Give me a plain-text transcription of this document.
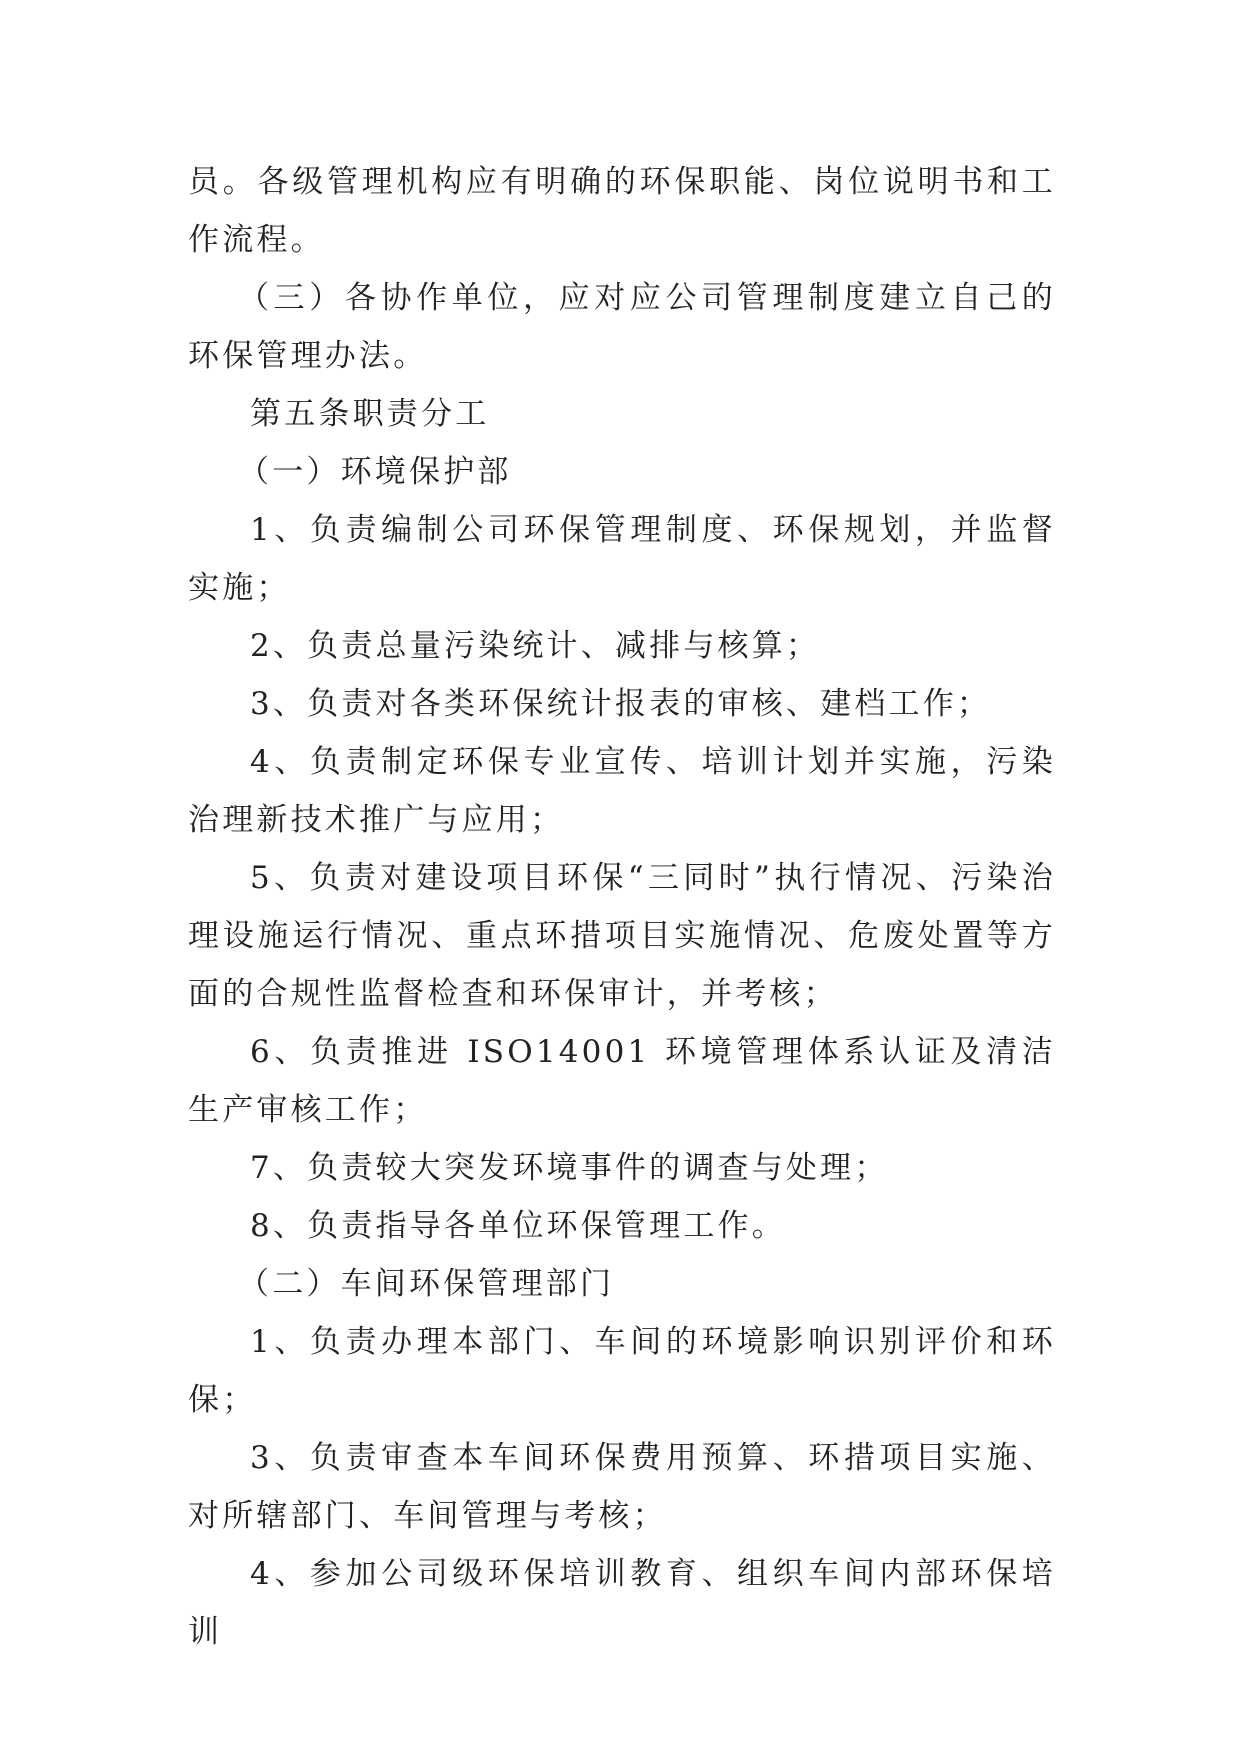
员。各级管理机构应有明确的环保职能、岗位说明书和工作流程。

（三）各协作单位，应对应公司管理制度建立自己的环保管理办法。

第五条职责分工

（一）环境保护部

1、负责编制公司环保管理制度、环保规划，并监督实施；

2、负责总量污染统计、减排与核算；

3、负责对各类环保统计报表的审核、建档工作；

4、负责制定环保专业宣传、培训计划并实施，污染治理新技术推广与应用；

5、负责对建设项目环保“三同时”执行情况、污染治理设施运行情况、重点环措项目实施情况、危废处置等方面的合规性监督检查和环保审计，并考核；

6、负责推进 ISO14001 环境管理体系认证及清洁生产审核工作；

7、负责较大突发环境事件的调查与处理；

8、负责指导各单位环保管理工作。

（二）车间环保管理部门

1、负责办理本部门、车间的环境影响识别评价和环保；

3、负责审查本车间环保费用预算、环措项目实施、对所辖部门、车间管理与考核；

4、参加公司级环保培训教育、组织车间内部环保培训
